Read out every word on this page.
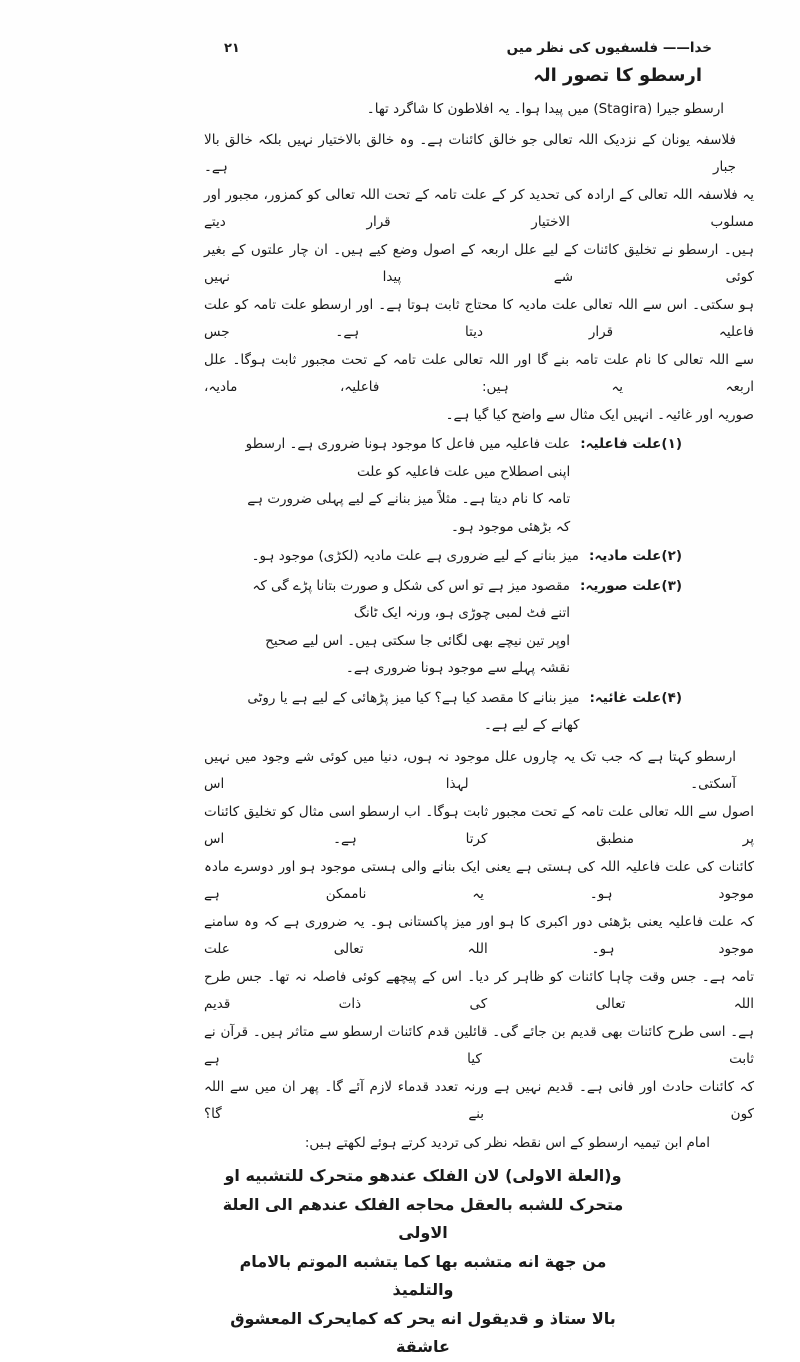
خدا—— فلسفیوں کی نظر میں
۲۱
ارسطو کا تصور الہ
ارسطو جیرا (Stagira) میں پیدا ہوا۔ یہ افلاطون کا شاگرد تھا۔
فلاسفہ یونان کے نزدیک اللہ تعالی جو خالق کائنات ہے۔ وہ خالق بالاختیار نہیں بلکہ خالق بالا جبار ہے۔
یہ فلاسفہ اللہ تعالی کے ارادہ کی تحدید کر کے علت تامہ کے تحت اللہ تعالی کو کمزور، مجبور اور مسلوب الاختیار قرار دیتے
ہیں۔ ارسطو نے تخلیق کائنات کے لیے علل اربعہ کے اصول وضع کیے ہیں۔ ان چار علتوں کے بغیر کوئی شے پیدا نہیں
ہو سکتی۔ اس سے اللہ تعالی علت مادیہ کا محتاج ثابت ہوتا ہے۔ اور ارسطو علت تامہ کو علت فاعلیہ قرار دیتا ہے۔ جس
سے اللہ تعالی کا نام علت تامہ بنے گا اور اللہ تعالی علت تامہ کے تحت مجبور ثابت ہوگا۔ علل اربعہ یہ ہیں: فاعلیہ، مادیہ،
صوریہ اور غائیہ۔ انہیں ایک مثال سے واضح کیا گیا ہے۔
(۱)علت فاعلیہ:
علت فاعلیہ میں فاعل کا موجود ہونا ضروری ہے۔ ارسطو اپنی اصطلاح میں علت فاعلیہ کو علت
تامہ کا نام دیتا ہے۔ مثلاً میز بنانے کے لیے پہلی ضرورت ہے کہ بڑھئی موجود ہو۔
(۲)علت مادیہ:
میز بنانے کے لیے ضروری ہے علت مادیہ (لکڑی) موجود ہو۔
(۳)علت صوریہ:
مقصود میز ہے تو اس کی شکل و صورت بتانا پڑے گی کہ اتنے فٹ لمبی چوڑی ہو، ورنہ ایک ٹانگ
اوپر تین نیچے بھی لگائی جا سکتی ہیں۔ اس لیے صحیح نقشہ پہلے سے موجود ہونا ضروری ہے۔
(۴)علت غائیہ:
میز بنانے کا مقصد کیا ہے؟ کیا میز پڑھائی کے لیے ہے یا روٹی کھانے کے لیے ہے۔
ارسطو کہتا ہے کہ جب تک یہ چاروں علل موجود نہ ہوں، دنیا میں کوئی شے وجود میں نہیں آسکتی۔ لہذا اس
اصول سے اللہ تعالی علت تامہ کے تحت مجبور ثابت ہوگا۔ اب ارسطو اسی مثال کو تخلیق کائنات پر منطبق کرتا ہے۔ اس
کائنات کی علت فاعلیہ اللہ کی ہستی ہے یعنی ایک بنانے والی ہستی موجود ہو اور دوسرے مادہ موجود ہو۔ یہ ناممکن ہے
کہ علت فاعلیہ یعنی بڑھئی دور اکبری کا ہو اور میز پاکستانی ہو۔ یہ ضروری ہے کہ وہ سامنے موجود ہو۔ اللہ تعالی علت
تامہ ہے۔ جس وقت چاہا کائنات کو ظاہر کر دیا۔ اس کے پیچھے کوئی فاصلہ نہ تھا۔ جس طرح اللہ تعالی کی ذات قدیم
ہے۔ اسی طرح کائنات بھی قدیم بن جائے گی۔ قائلین قدم کائنات ارسطو سے متاثر ہیں۔ قرآن نے ثابت کیا ہے
کہ کائنات حادث اور فانی ہے۔ قدیم نہیں ہے ورنہ تعدد قدماء لازم آئے گا۔ پھر ان میں سے اللہ کون بنے گا؟
امام ابن تیمیہ ارسطو کے اس نقطہ نظر کی تردید کرتے ہوئے لکھتے ہیں:
و(العلة الاولی) لان الفلک عندهو متحرک للتشبيه او
متحرک للشبه بالعقل محاجه الفلک عندهم الی العلة الاولی
من جهة انه متشبه بها کما يتشبه الموتم بالامام والتلميذ
بالا ستاذ و قديقول انه يحر که کمايحرک المعشوق عاشقة
